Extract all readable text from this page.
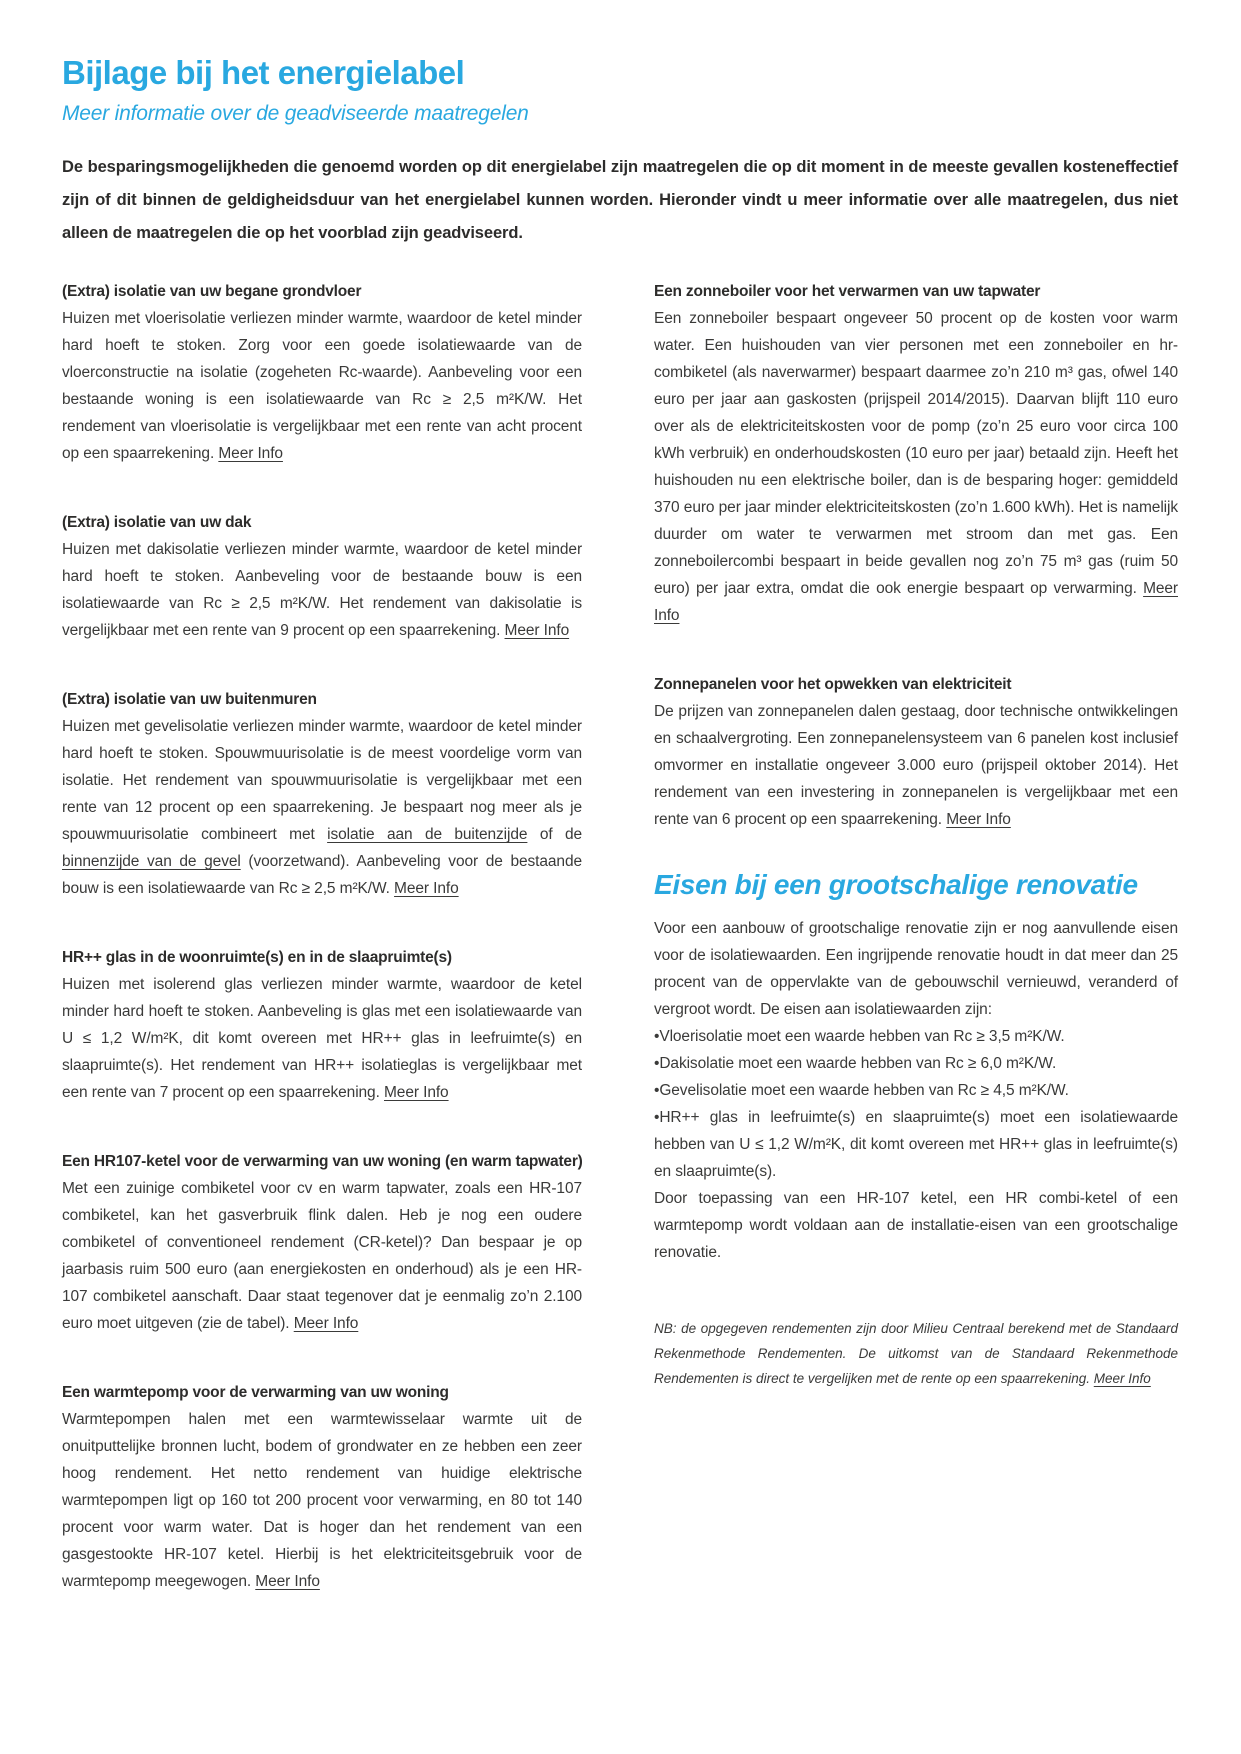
Bijlage bij het energielabel
Meer informatie over de geadviseerde maatregelen

De besparingsmogelijkheden die genoemd worden op dit energielabel zijn maatregelen die op dit moment in de meeste gevallen kosteneffectief zijn of dit binnen de geldigheidsduur van het energielabel kunnen worden. Hieronder vindt u meer informatie over alle maatregelen, dus niet alleen de maatregelen die op het voorblad zijn geadviseerd.

(Extra) isolatie van uw begane grondvloer

Huizen met vloerisolatie verliezen minder warmte, waardoor de ketel minder hard hoeft te stoken. Zorg voor een goede isolatiewaarde van de vloerconstructie na isolatie (zogeheten Rc-waarde). Aanbeveling voor een bestaande woning is een isolatiewaarde van Rc ≥ 2,5 m²K/W. Het rendement van vloerisolatie is vergelijkbaar met een rente van acht procent op een spaarrekening. Meer Info

(Extra) isolatie van uw dak

Huizen met dakisolatie verliezen minder warmte, waardoor de ketel minder hard hoeft te stoken. Aanbeveling voor de bestaande bouw is een isolatiewaarde van Rc ≥ 2,5 m²K/W. Het rendement van dakisolatie is vergelijkbaar met een rente van 9 procent op een spaarrekening. Meer Info

(Extra) isolatie van uw buitenmuren

Huizen met gevelisolatie verliezen minder warmte, waardoor de ketel minder hard hoeft te stoken. Spouwmuurisolatie is de meest voordelige vorm van isolatie. Het rendement van spouwmuurisolatie is vergelijkbaar met een rente van 12 procent op een spaarrekening. Je bespaart nog meer als je spouwmuurisolatie combineert met isolatie aan de buitenzijde of de binnenzijde van de gevel (voorzetwand). Aanbeveling voor de bestaande bouw is een isolatiewaarde van Rc ≥ 2,5 m²K/W. Meer Info

HR++ glas in de woonruimte(s) en in de slaapruimte(s)

Huizen met isolerend glas verliezen minder warmte, waardoor de ketel minder hard hoeft te stoken. Aanbeveling is glas met een isolatiewaarde van U ≤ 1,2 W/m²K, dit komt overeen met HR++ glas in leefruimte(s) en slaapruimte(s). Het rendement van HR++ isolatieglas is vergelijkbaar met een rente van 7 procent op een spaarrekening. Meer Info

Een HR107-ketel voor de verwarming van uw woning (en warm tapwater)

Met een zuinige combiketel voor cv en warm tapwater, zoals een HR-107 combiketel, kan het gasverbruik flink dalen. Heb je nog een oudere combiketel of conventioneel rendement (CR-ketel)? Dan bespaar je op jaarbasis ruim 500 euro (aan energiekosten en onderhoud) als je een HR-107 combiketel aanschaft. Daar staat tegenover dat je eenmalig zo’n 2.100 euro moet uitgeven (zie de tabel). Meer Info

Een warmtepomp voor de verwarming van uw woning

Warmtepompen halen met een warmtewisselaar warmte uit de onuitputtelijke bronnen lucht, bodem of grondwater en ze hebben een zeer hoog rendement. Het netto rendement van huidige elektrische warmtepompen ligt op 160 tot 200 procent voor verwarming, en 80 tot 140 procent voor warm water. Dat is hoger dan het rendement van een gasgestookte HR-107 ketel. Hierbij is het elektriciteitsgebruik voor de warmtepomp meegewogen. Meer Info

Een zonneboiler voor het verwarmen van uw tapwater

Een zonneboiler bespaart ongeveer 50 procent op de kosten voor warm water. Een huishouden van vier personen met een zonneboiler en hr-combiketel (als naverwarmer) bespaart daarmee zo’n 210 m³ gas, ofwel 140 euro per jaar aan gaskosten (prijspeil 2014/2015). Daarvan blijft 110 euro over als de elektriciteitskosten voor de pomp (zo’n 25 euro voor circa 100 kWh verbruik) en onderhoudskosten (10 euro per jaar) betaald zijn. Heeft het huishouden nu een elektrische boiler, dan is de besparing hoger: gemiddeld 370 euro per jaar minder elektriciteitskosten (zo’n 1.600 kWh). Het is namelijk duurder om water te verwarmen met stroom dan met gas. Een zonneboilercombi bespaart in beide gevallen nog zo’n 75 m³ gas (ruim 50 euro) per jaar extra, omdat die ook energie bespaart op verwarming. Meer Info

Zonnepanelen voor het opwekken van elektriciteit

De prijzen van zonnepanelen dalen gestaag, door technische ontwikkelingen en schaalvergroting. Een zonnepanelensysteem van 6 panelen kost inclusief omvormer en installatie ongeveer 3.000 euro (prijspeil oktober 2014). Het rendement van een investering in zonnepanelen is vergelijkbaar met een rente van 6 procent op een spaarrekening. Meer Info

Eisen bij een grootschalige renovatie

Voor een aanbouw of grootschalige renovatie zijn er nog aanvullende eisen voor de isolatiewaarden. Een ingrijpende renovatie houdt in dat meer dan 25 procent van de oppervlakte van de gebouwschil vernieuwd, veranderd of vergroot wordt. De eisen aan isolatiewaarden zijn:

• Vloerisolatie moet een waarde hebben van Rc ≥ 3,5 m²K/W.

• Dakisolatie moet een waarde hebben van Rc ≥ 6,0 m²K/W.

• Gevelisolatie moet een waarde hebben van Rc ≥ 4,5 m²K/W.

• HR++ glas in leefruimte(s) en slaapruimte(s) moet een isolatiewaarde hebben van U ≤ 1,2 W/m²K, dit komt overeen met HR++ glas in leefruimte(s) en slaapruimte(s).

Door toepassing van een HR-107 ketel, een HR combi-ketel of een warmtepomp wordt voldaan aan de installatie-eisen van een grootschalige renovatie.

NB: de opgegeven rendementen zijn door Milieu Centraal berekend met de Standaard Rekenmethode Rendementen. De uitkomst van de Standaard Rekenmethode Rendementen is direct te vergelijken met de rente op een spaarrekening. Meer Info
